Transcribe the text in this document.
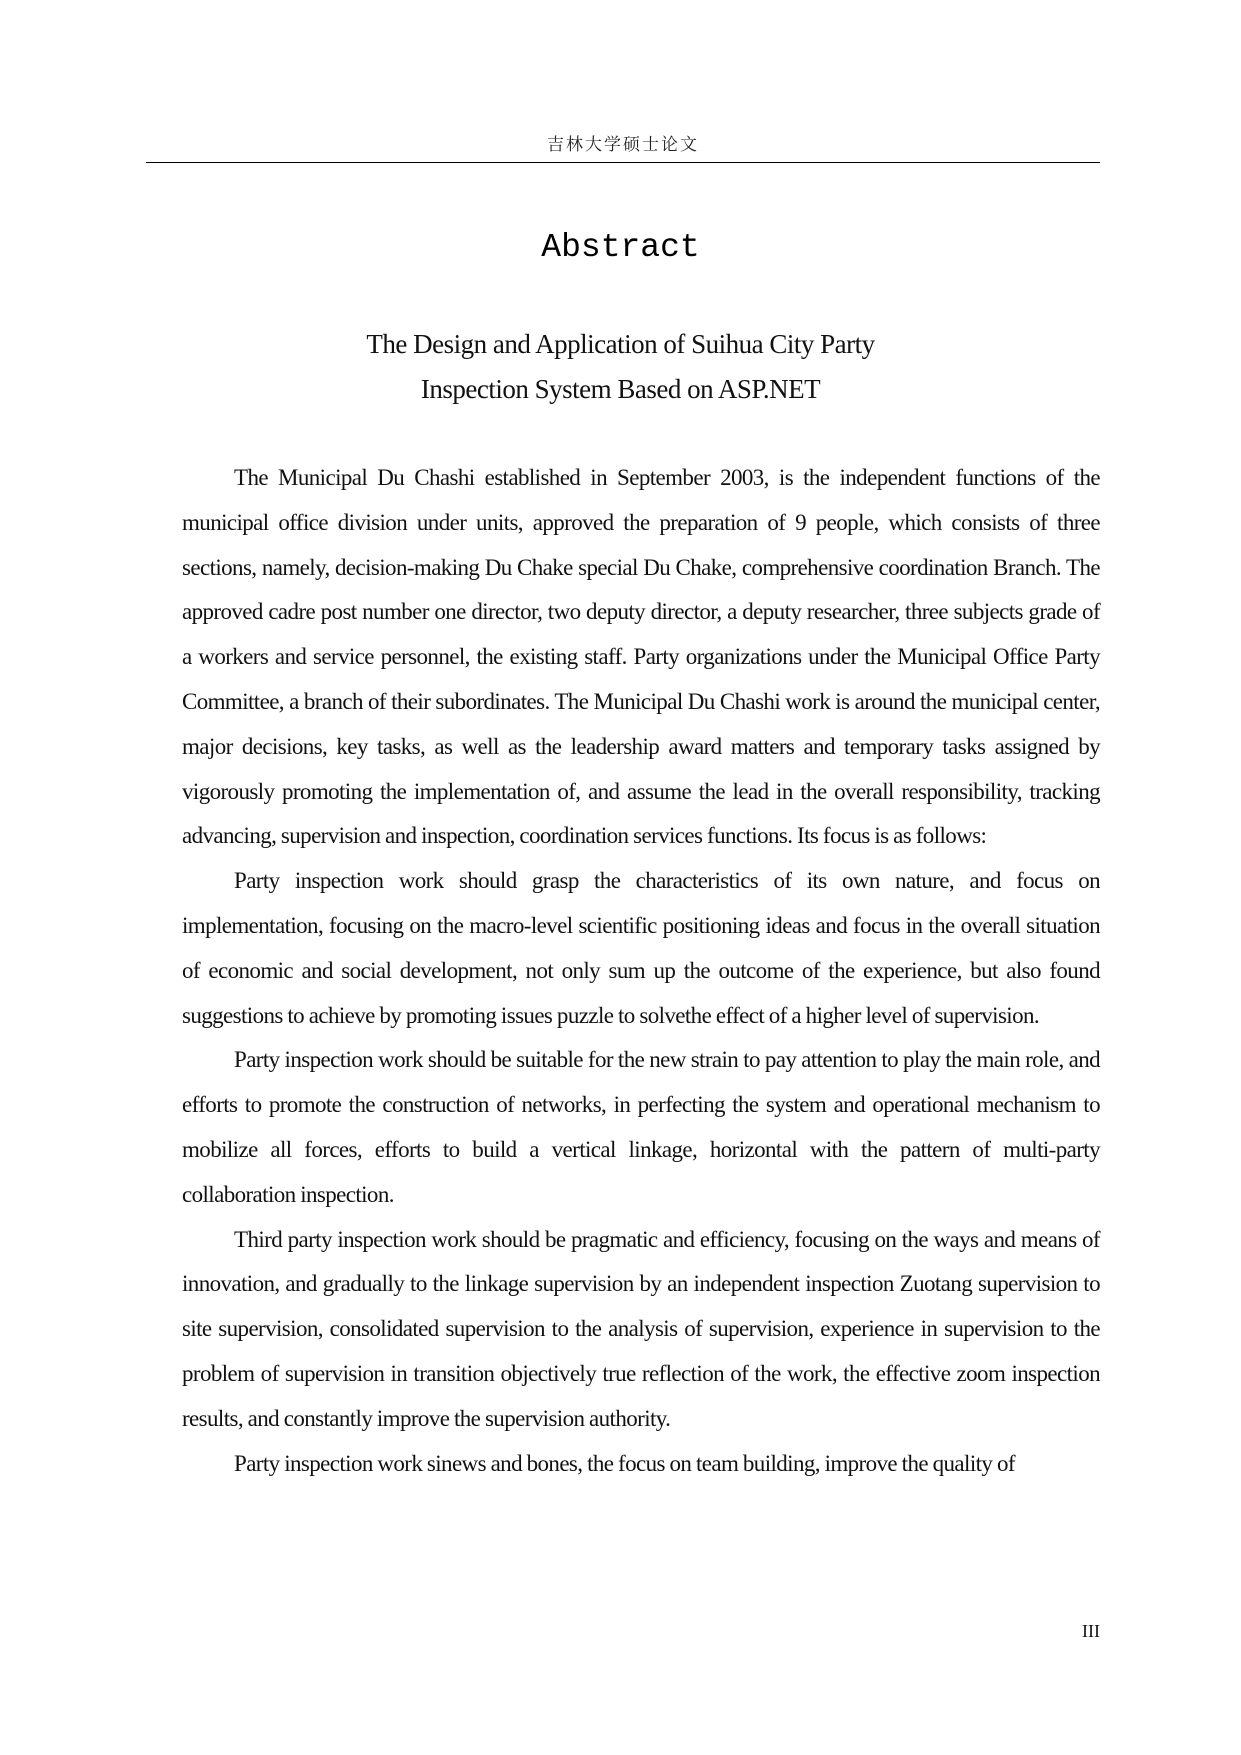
吉林大学硕士论文
Abstract
The Design and Application of Suihua City Party
Inspection System Based on ASP.NET

The Municipal Du Chashi established in September 2003, is the independent functions of the municipal office division under units, approved the preparation of 9 people, which consists of three sections, namely, decision-making Du Chake special Du Chake, comprehensive coordination Branch. The approved cadre post number one director, two deputy director, a deputy researcher, three subjects grade of a workers and service personnel, the existing staff. Party organizations under the Municipal Office Party Committee, a branch of their subordinates. The Municipal Du Chashi work is around the municipal center, major decisions, key tasks, as well as the leadership award matters and temporary tasks assigned by vigorously promoting the implementation of, and assume the lead in the overall responsibility, tracking advancing, supervision and inspection, coordination services functions. Its focus is as follows:

Party inspection work should grasp the characteristics of its own nature, and focus on implementation, focusing on the macro-level scientific positioning ideas and focus in the overall situation of economic and social development, not only sum up the outcome of the experience, but also found suggestions to achieve by promoting issues puzzle to solvethe effect of a higher level of supervision.

Party inspection work should be suitable for the new strain to pay attention to play the main role, and efforts to promote the construction of networks, in perfecting the system and operational mechanism to mobilize all forces, efforts to build a vertical linkage, horizontal with the pattern of multi-party collaboration inspection.

Third party inspection work should be pragmatic and efficiency, focusing on the ways and means of innovation, and gradually to the linkage supervision by an independent inspection Zuotang supervision to site supervision, consolidated supervision to the analysis of supervision, experience in supervision to the problem of supervision in transition objectively true reflection of the work, the effective zoom inspection results, and constantly improve the supervision authority.

Party inspection work sinews and bones, the focus on team building, improve the quality of

III
